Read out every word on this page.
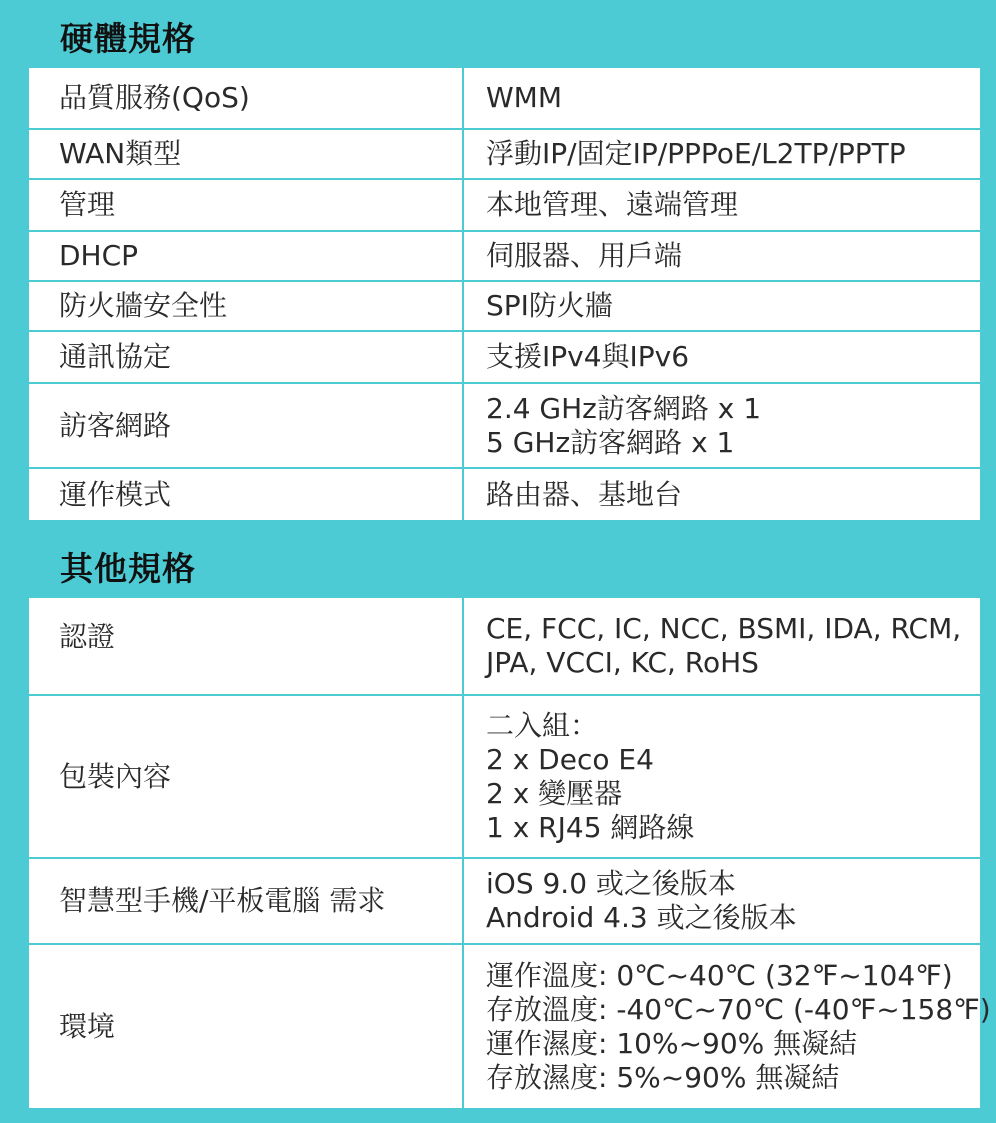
硬體規格
品質服務(QoS)	WMM

WAN類型	浮動IP/固定IP/PPPoE/L2TP/PPTP

管理	本地管理、遠端管理

DHCP	伺服器、用戶端

防火牆安全性	SPI防火牆

通訊協定	支援IPv4與IPv6

訪客網路	2.4 GHz訪客網路 x 1
5 GHz訪客網路 x 1

運作模式	路由器、基地台
其他規格
認證	CE, FCC, IC, NCC, BSMI, IDA, RCM,
JPA, VCCI, KC, RoHS

包裝內容	二入組：
2 x Deco E4
2 x 變壓器
1 x RJ45 網路線

智慧型手機/平板電腦 需求	iOS 9.0 或之後版本
Android 4.3 或之後版本

環境	運作溫度: 0℃~40℃ (32℉~104℉)
存放溫度: -40℃~70℃ (-40℉~158℉)
運作濕度: 10%~90% 無凝結
存放濕度: 5%~90% 無凝結
